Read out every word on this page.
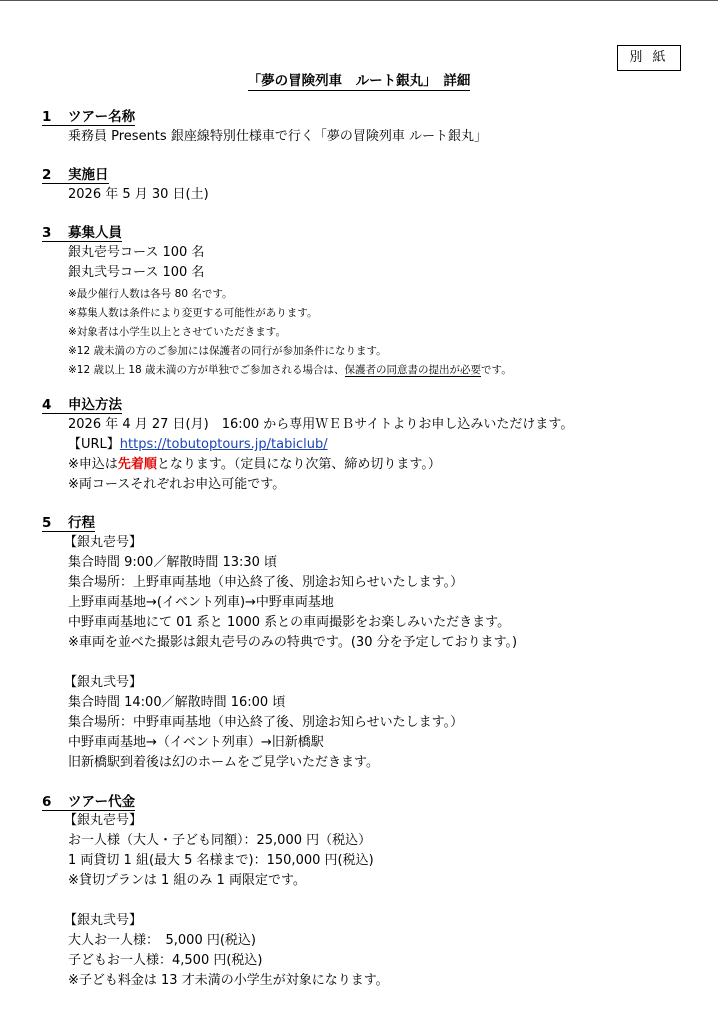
別 紙
「夢の冒険列車　ルート銀丸」　詳細
1 ツアー名称
乗務員 Presents 銀座線特別仕様車で行く「夢の冒険列車 ルート銀丸」
2 実施日
2026 年 5 月 30 日(土)
3 募集人員
銀丸壱号コース 100 名
銀丸弐号コース 100 名
※最少催行人数は各号 80 名です。
※募集人数は条件により変更する可能性があります。
※対象者は小学生以上とさせていただきます。
※12 歳未満の方のご参加には保護者の同行が参加条件になります。
※12 歳以上 18 歳未満の方が単独でご参加される場合は、保護者の同意書の提出が必要です。
4 申込方法
2026 年 4 月 27 日(月)　16:00 から専用ＷＥＢサイトよりお申し込みいただけます。
【URL】https://tobutoptours.jp/tabiclub/
※申込は先着順となります。（定員になり次第、締め切ります。）
※両コースそれぞれお申込可能です。
5 行程
【銀丸壱号】
集合時間 9:00／解散時間 13:30 頃
集合場所：上野車両基地（申込終了後、別途お知らせいたします。）
上野車両基地→(イベント列車)→中野車両基地
中野車両基地にて 01 系と 1000 系との車両撮影をお楽しみいただきます。
※車両を並べた撮影は銀丸壱号のみの特典です。(30 分を予定しております。)
【銀丸弐号】
集合時間 14:00／解散時間 16:00 頃
集合場所：中野車両基地（申込終了後、別途お知らせいたします。）
中野車両基地→（イベント列車）→旧新橋駅
旧新橋駅到着後は幻のホームをご見学いただきます。
6 ツアー代金
【銀丸壱号】
お一人様（大人・子ども同額）：25,000 円（税込）
1 両貸切 1 組(最大 5 名様まで)：150,000 円(税込)
※貸切プランは 1 組のみ 1 両限定です。
【銀丸弐号】
大人お一人様：　5,000 円(税込)
子どもお一人様：4,500 円(税込)
※子ども料金は 13 才未満の小学生が対象になります。
